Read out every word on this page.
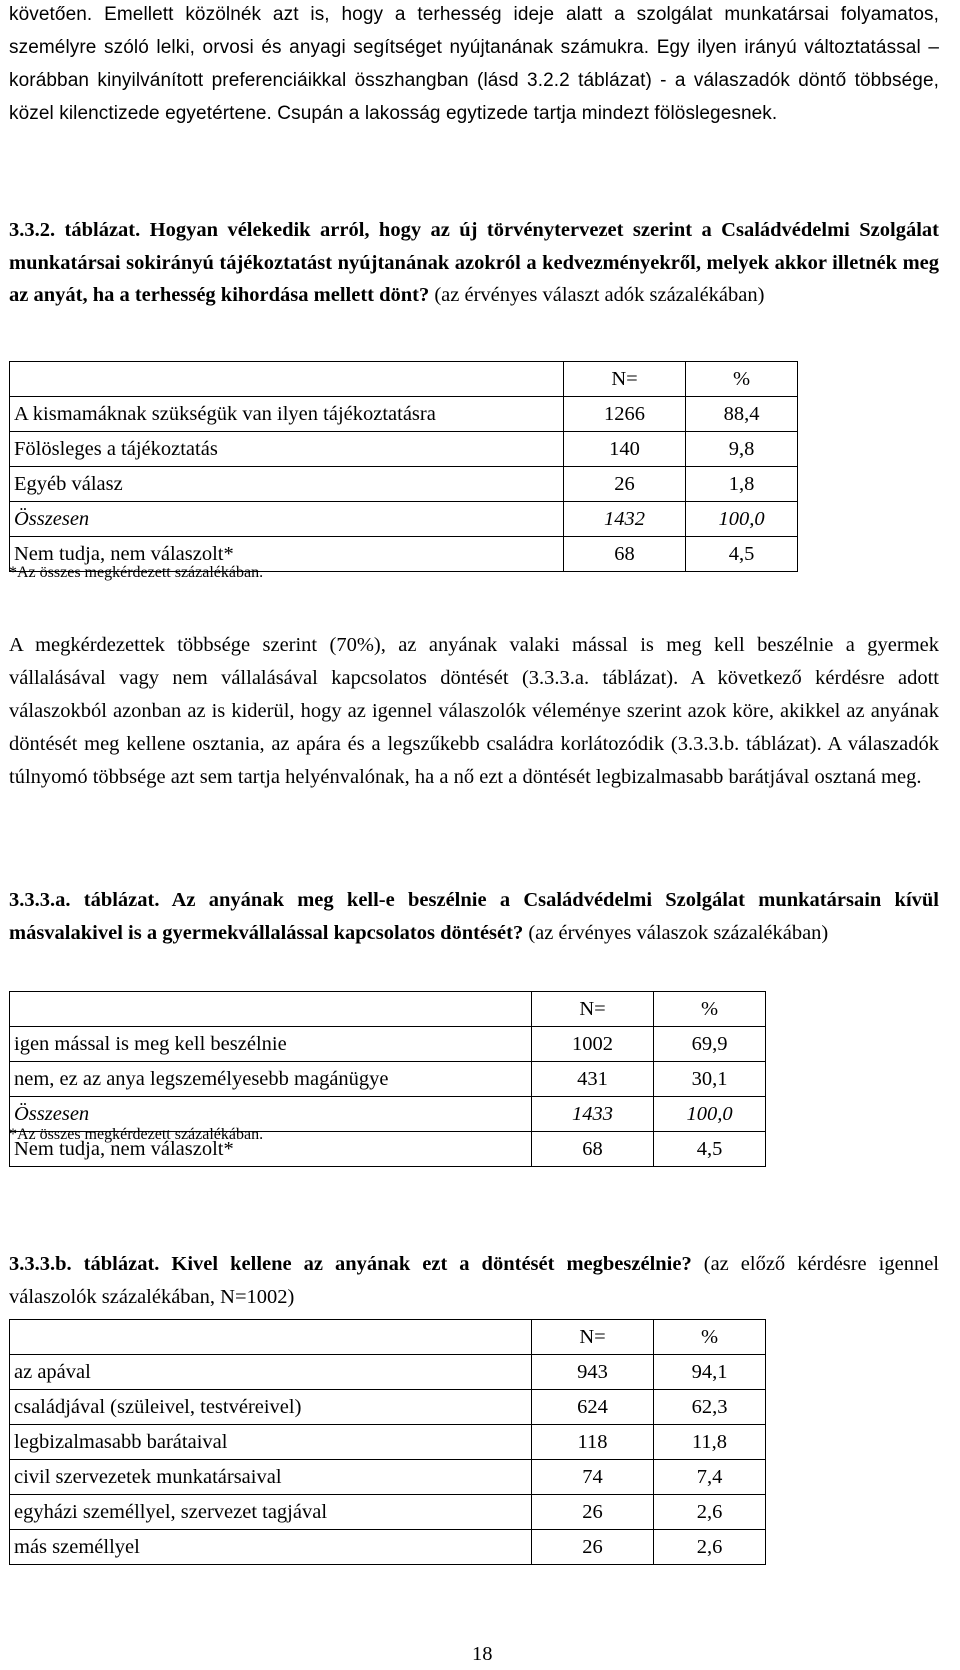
követően. Emellett közölnék azt is, hogy a terhesség ideje alatt a szolgálat munkatársai folyamatos, személyre szóló lelki, orvosi és anyagi segítséget nyújtanának számukra. Egy ilyen irányú változtatással – korábban kinyilvánított preferenciáikkal összhangban (lásd 3.2.2 táblázat) - a válaszadók döntő többsége, közel kilenctizede egyetértene. Csupán a lakosság egytizede tartja mindezt fölöslegesnek.

3.3.2. táblázat. Hogyan vélekedik arról, hogy az új törvénytervezet szerint a Családvédelmi Szolgálat munkatársai sokirányú tájékoztatást nyújtanának azokról a kedvezményekről, melyek akkor illetnék meg az anyát, ha a terhesség kihordása mellett dönt? (az érvényes választ adók százalékában)

	N=	%
A kismamáknak szükségük van ilyen tájékoztatásra	1266	88,4
Fölösleges a tájékoztatás	140	9,8
Egyéb válasz	26	1,8
Összesen	1432	100,0
Nem tudja, nem válaszolt*	68	4,5
*Az összes megkérdezett százalékában.

A megkérdezettek többsége szerint (70%), az anyának valaki mással is meg kell beszélnie a gyermek vállalásával vagy nem vállalásával kapcsolatos döntését (3.3.3.a. táblázat). A következő kérdésre adott válaszokból azonban az is kiderül, hogy az igennel válaszolók véleménye szerint azok köre, akikkel az anyának döntését meg kellene osztania, az apára és a legszűkebb családra korlátozódik (3.3.3.b. táblázat). A válaszadók túlnyomó többsége azt sem tartja helyénvalónak, ha a nő ezt a döntését legbizalmasabb barátjával osztaná meg.

3.3.3.a. táblázat. Az anyának meg kell-e beszélnie a Családvédelmi Szolgálat munkatársain kívül másvalakivel is a gyermekvállalással kapcsolatos döntését? (az érvényes válaszok százalékában)

	N=	%
igen mással is meg kell beszélnie	1002	69,9
nem, ez az anya legszemélyesebb magánügye	431	30,1
Összesen	1433	100,0
Nem tudja, nem válaszolt*	68	4,5
*Az összes megkérdezett százalékában.

3.3.3.b. táblázat. Kivel kellene az anyának ezt a döntését megbeszélnie? (az előző kérdésre igennel válaszolók százalékában, N=1002)

	N=	%
az apával	943	94,1
családjával (szüleivel, testvéreivel)	624	62,3
legbizalmasabb barátaival	118	11,8
civil szervezetek munkatársaival	74	7,4
egyházi személlyel, szervezet tagjával	26	2,6
más személlyel	26	2,6
18
